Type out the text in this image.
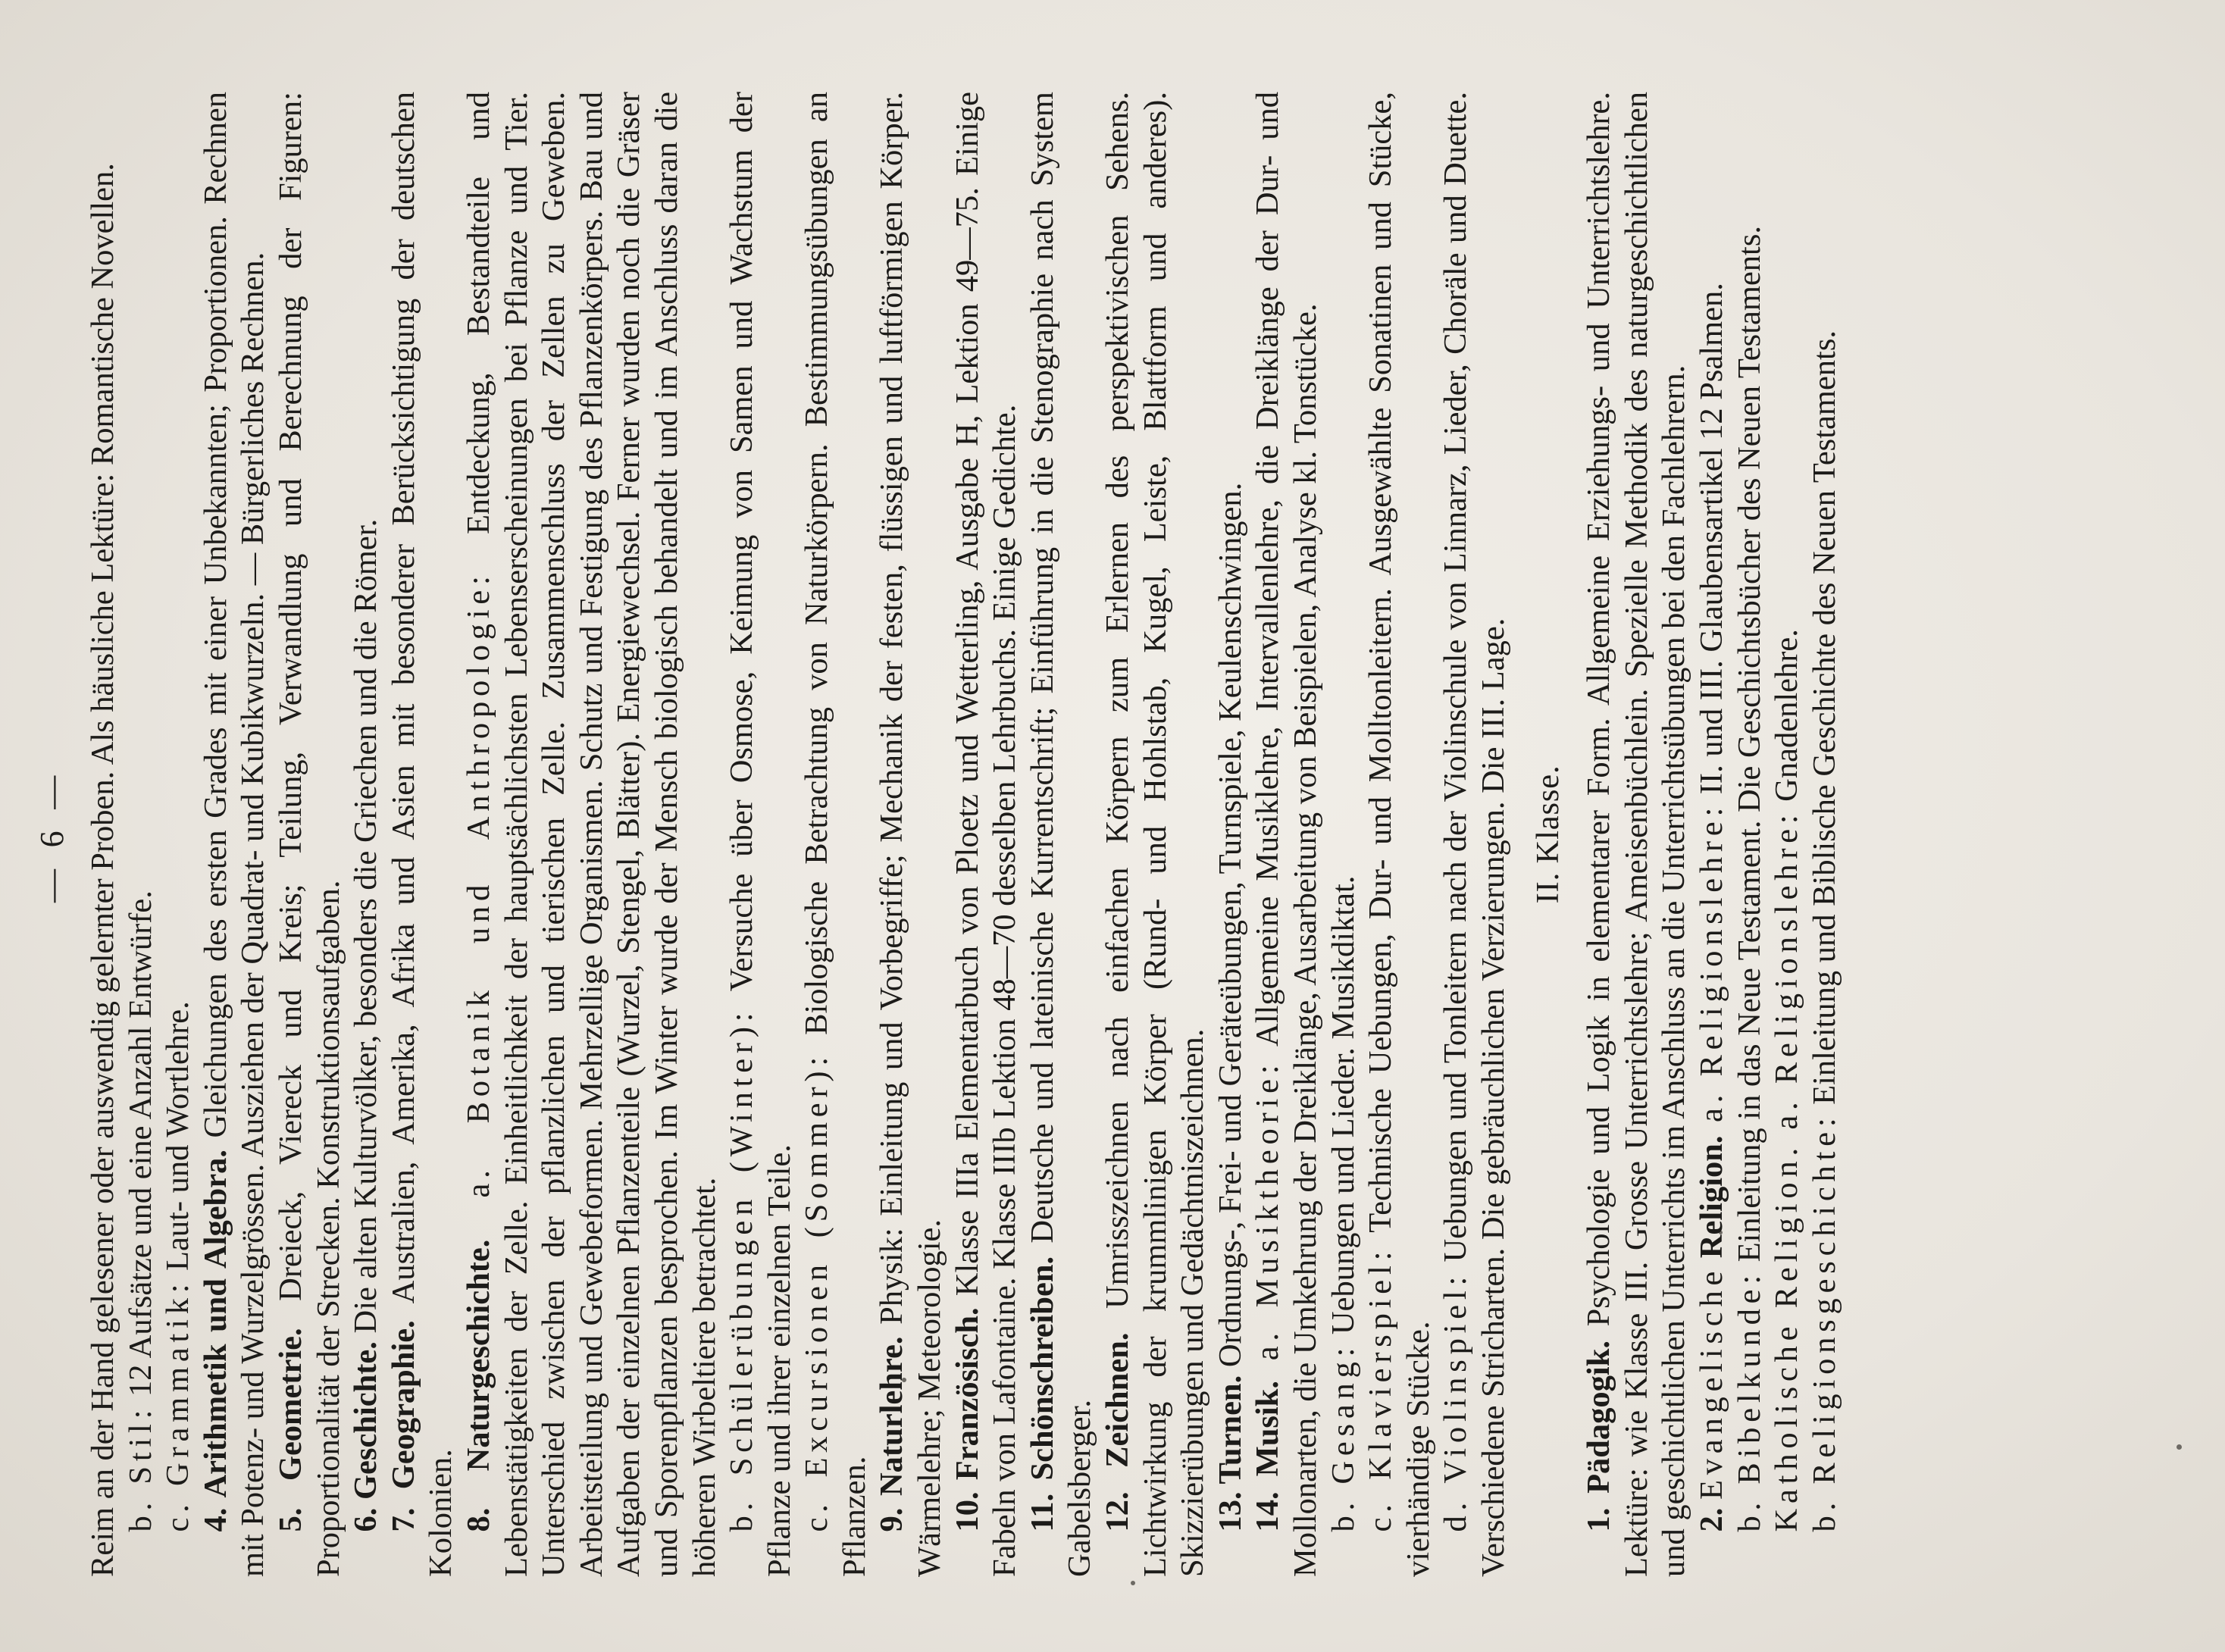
— 6 — Reim an der Hand gelesener oder auswendig gelernter Proben. Als häusliche Lektüre: Romantische Novellen. b. Stil: 12 Aufsätze und eine Anzahl Entwürfe.

c. Grammatik: Laut- und Wortlehre.

4. Arithmetik und Algebra. Gleichungen des ersten Grades mit einer Unbekannten; Proportionen. Rechnen mit Potenz- und Wurzelgrössen. Ausziehen der Quadrat- und Kubikwurzeln. — Bürgerliches Rechnen. 5. Geometrie. Dreieck, Viereck und Kreis; Teilung, Verwandlung und Berechnung der Figuren: Proportionalität der Strecken. Konstruktionsaufgaben. 6. Geschichte. Die alten Kulturvölker, besonders die Griechen und die Römer.

7. Geographie. Australien, Amerika, Afrika und Asien mit besonderer Berücksichtigung der deutschen Kolonien. 8. Naturgeschichte. a. Botanik und Anthropologie: Entdeckung, Bestandteile und Lebenstätigkeiten der Zelle. Einheitlichkeit der hauptsächlichsten Lebenserscheinungen bei Pflanze und Tier. Unterschied zwischen der pflanzlichen und tierischen Zelle. Zusammenschluss der Zellen zu Geweben. Arbeitsteilung und Gewebeformen. Mehrzellige Organismen. Schutz und Festigung des Pflanzenkörpers. Bau und Aufgaben der einzelnen Pflanzenteile (Wurzel, Stengel, Blätter). Energiewechsel. Ferner wurden noch die Gräser und Sporenpflanzen besprochen. Im Winter wurde der Mensch biologisch behandelt und im Anschluss daran die höheren Wirbeltiere betrachtet. b. Schülerübungen (Winter): Versuche über Osmose, Keimung von Samen und Wachstum der Pflanze und ihrer einzelnen Teile. c. Excursionen (Sommer): Biologische Betrachtung von Naturkörpern. Bestimmungsübungen an Pflanzen. 9. Naturlehre. Physik: Einleitung und Vorbegriffe; Mechanik der festen, flüssigen und luftförmigen Körper. Wärmelehre; Meteorologie. 10. Französisch. Klasse IIIa Elementarbuch von Ploetz und Wetterling, Ausgabe H, Lektion 49—75. Einige Fabeln von Lafontaine. Klasse IIIb Lektion 48—70 desselben Lehrbuchs. Einige Gedichte. 11. Schönschreiben. Deutsche und lateinische Kurrentschrift; Einführung in die Stenographie nach System Gabelsberger. 12. Zeichnen. Umrisszeichnen nach einfachen Körpern zum Erlernen des perspektivischen Sehens. Lichtwirkung der krummlinigen Körper (Rund- und Hohlstab, Kugel, Leiste, Blattform und anderes). Skizzierübungen und Gedächtniszeichnen. 13. Turnen. Ordnungs-, Frei- und Geräteübungen, Turnspiele, Keulenschwingen.

14. Musik. a. Musiktheorie: Allgemeine Musiklehre, Intervallenlehre, die Dreiklänge der Dur- und Mollonarten, die Umkehrung der Dreiklänge, Ausarbeitung von Beispielen, Analyse kl. Tonstücke. b. Gesang: Uebungen und Lieder. Musikdiktat.

c. Klavierspiel: Technische Uebungen, Dur- und Molltonleitern. Ausgewählte Sonatinen und Stücke, vierhändige Stücke. d. Violinspiel: Uebungen und Tonleitern nach der Violinschule von Linnarz, Lieder, Choräle und Duette. Verschiedene Stricharten. Die gebräuchlichen Verzierungen. Die III. Lage. II. Klasse.

1. Pädagogik. Psychologie und Logik in elementarer Form. Allgemeine Erziehungs- und Unterrichtslehre. Lektüre: wie Klasse III. Grosse Unterrichtslehre; Ameisenbüchlein. Spezielle Methodik des naturgeschichtlichen und geschichtlichen Unterrichts im Anschluss an die Unterrichtsübungen bei den Fachlehrern. 2. Evangelische Religion. a. Religionslehre: II. und III. Glaubensartikel 12 Psalmen.

b. Bibelkunde: Einleitung in das Neue Testament. Die Geschichtsbücher des Neuen Testaments.

Katholische Religion. a. Religionslehre: Gnadenlehre.

b. Religionsgeschichte: Einleitung und Biblische Geschichte des Neuen Testaments.
